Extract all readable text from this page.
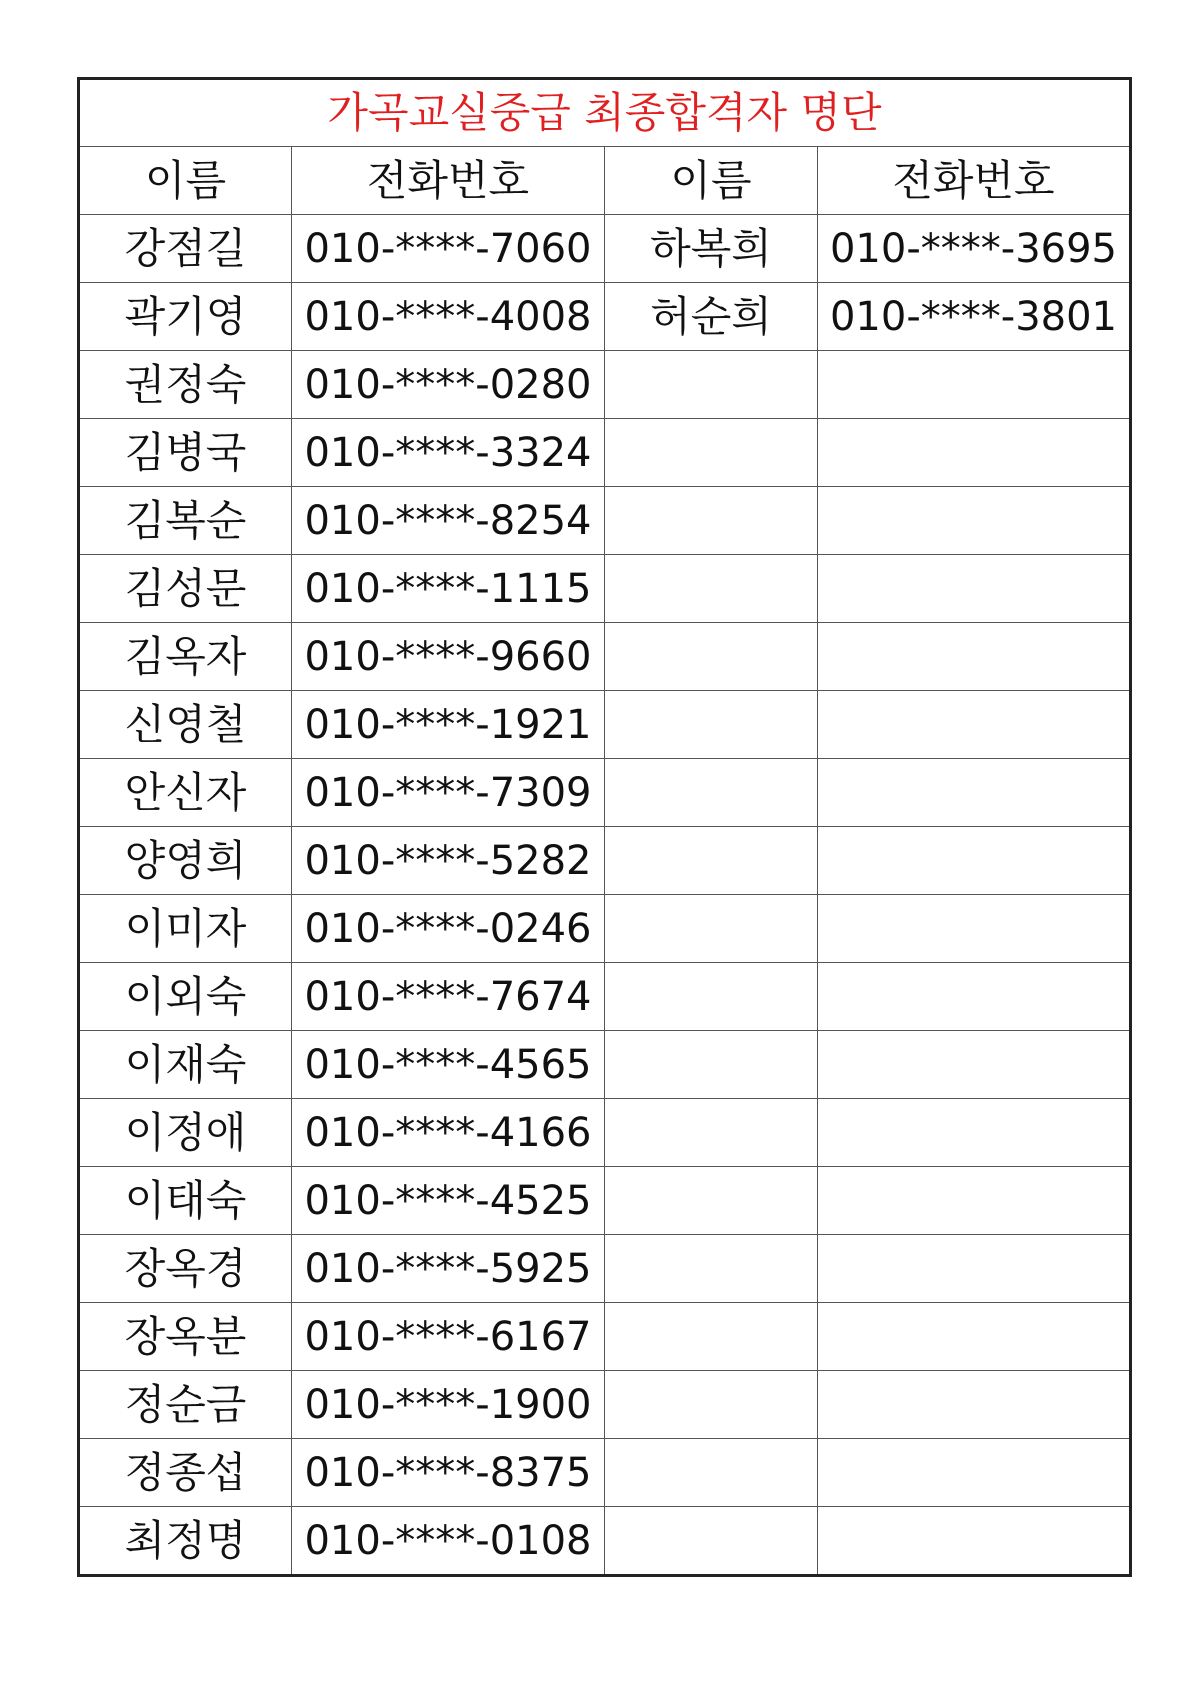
가곡교실중급 최종합격자 명단			
이름	전화번호	이름	전화번호
강점길	010-****-7060	하복희	010-****-3695
곽기영	010-****-4008	허순희	010-****-3801
권정숙	010-****-0280		
김병국	010-****-3324		
김복순	010-****-8254		
김성문	010-****-1115		
김옥자	010-****-9660		
신영철	010-****-1921		
안신자	010-****-7309		
양영희	010-****-5282		
이미자	010-****-0246		
이외숙	010-****-7674		
이재숙	010-****-4565		
이정애	010-****-4166		
이태숙	010-****-4525		
장옥경	010-****-5925		
장옥분	010-****-6167		
정순금	010-****-1900		
정종섭	010-****-8375		
최정명	010-****-0108		
